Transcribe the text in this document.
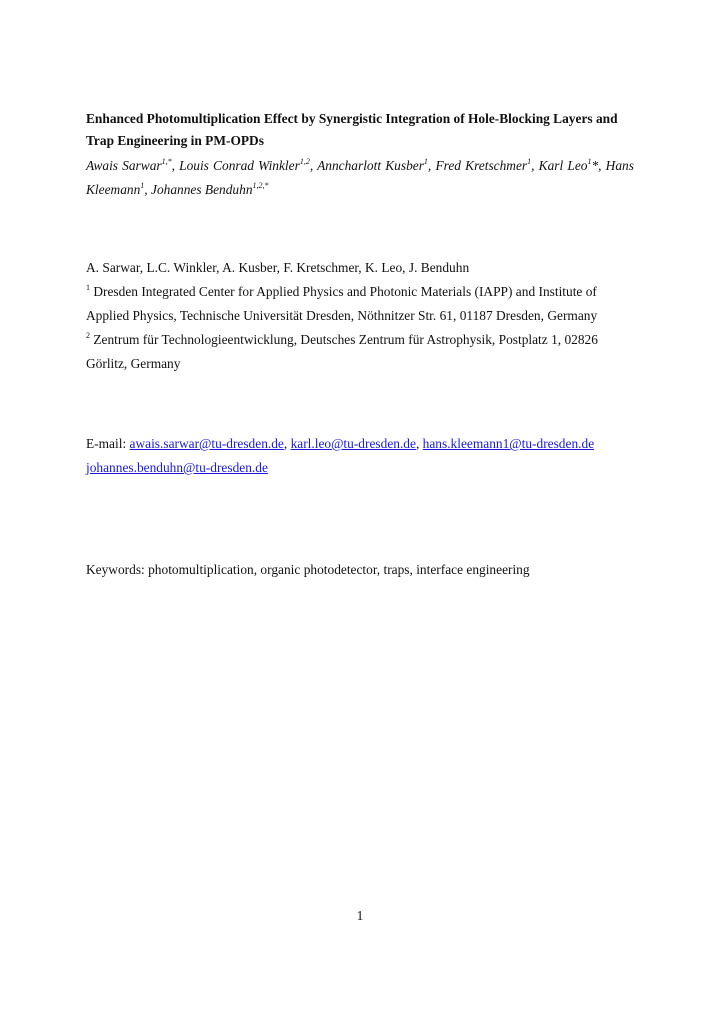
Enhanced Photomultiplication Effect by Synergistic Integration of Hole-Blocking Layers and Trap Engineering in PM-OPDs

Awais Sarwar$^{1,*}$, Louis Conrad Winkler$^{1,2}$, Anncharlott Kusber$^1$, Fred Kretschmer$^1$, Karl Leo$^1$*, Hans Kleemann$^1$, Johannes Benduhn$^{1,2,*}$

A. Sarwar, L.C. Winkler, A. Kusber, F. Kretschmer, K. Leo, J. Benduhn

$^1$ Dresden Integrated Center for Applied Physics and Photonic Materials (IAPP) and Institute of Applied Physics, Technische Universität Dresden, Nöthnitzer Str. 61, 01187 Dresden, Germany

$^2$ Zentrum für Technologieentwicklung, Deutsches Zentrum für Astrophysik, Postplatz 1, 02826 Görlitz, Germany

E-mail: awais.sarwar@tu-dresden.de, karl.leo@tu-dresden.de, hans.kleemann1@tu-dresden.de johannes.benduhn@tu-dresden.de

Keywords: photomultiplication, organic photodetector, traps, interface engineering

1
